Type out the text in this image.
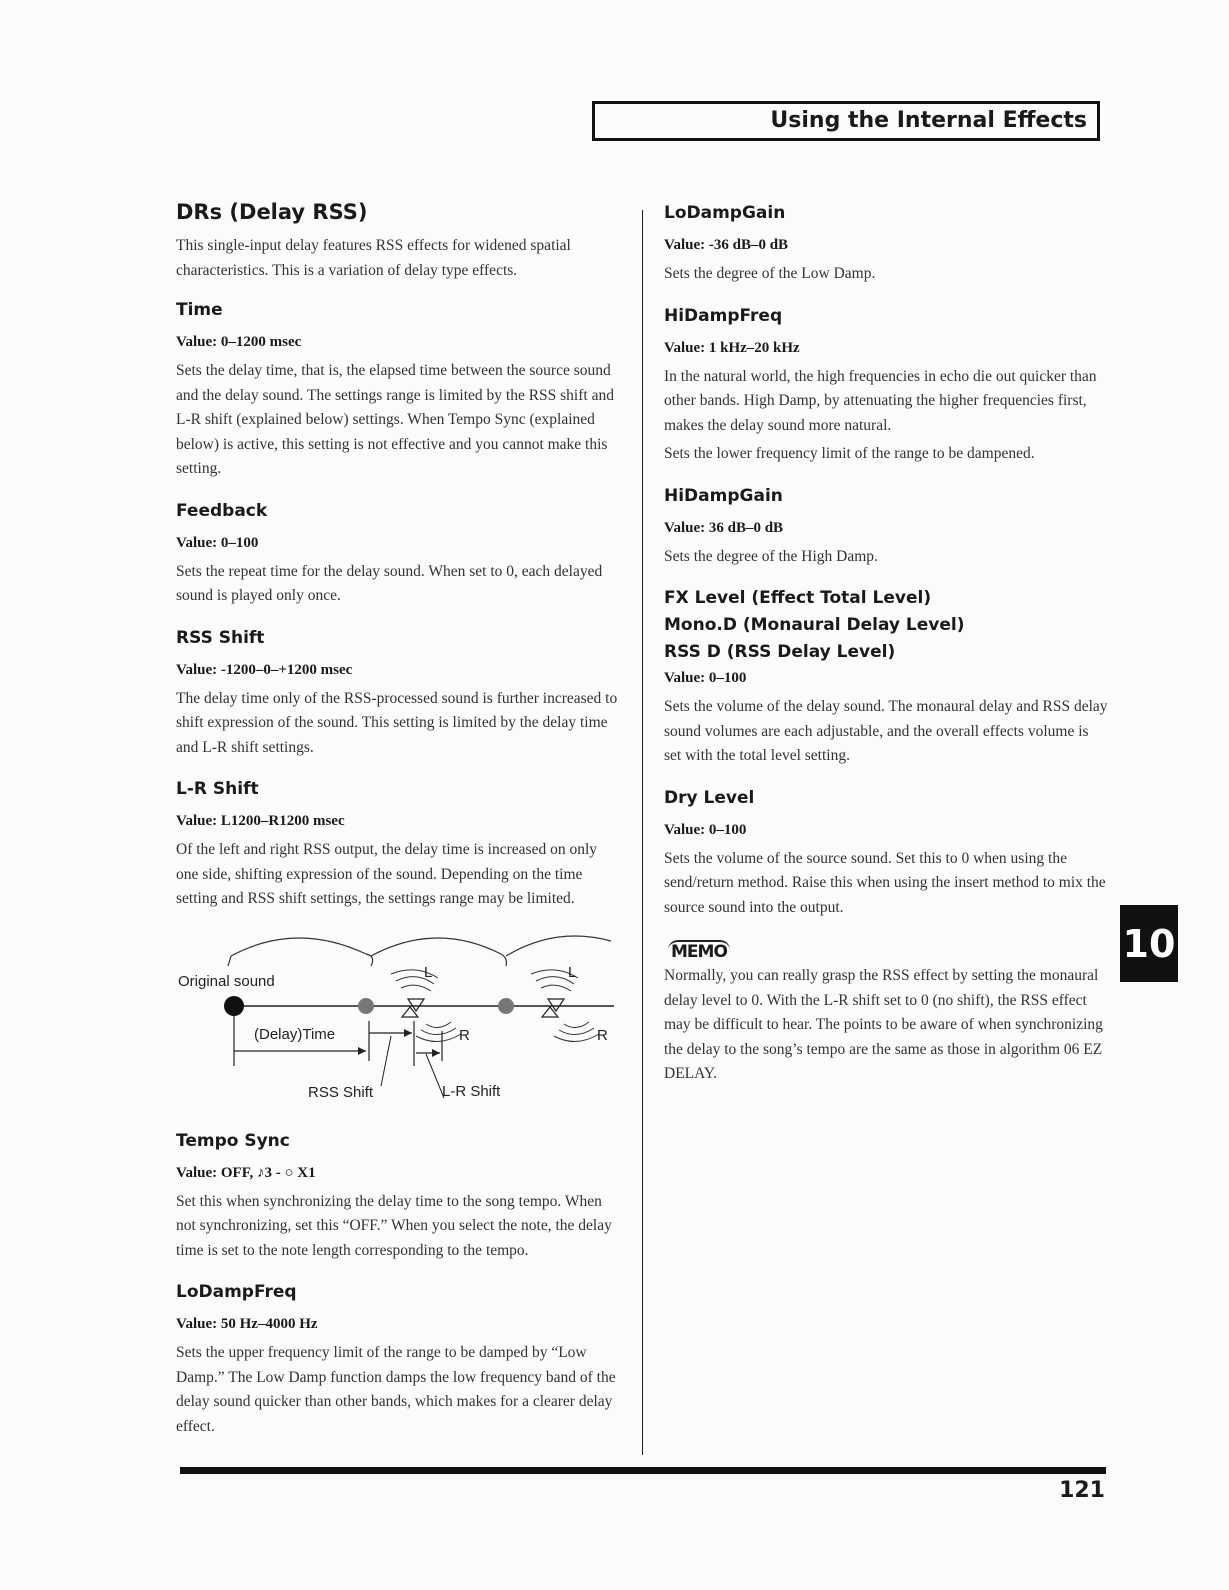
Using the Internal Effects
DRs (Delay RSS)

This single-input delay features RSS effects for widened spatial characteristics. This is a variation of delay type effects.

Time
Value: 0–1200 msec

Sets the delay time, that is, the elapsed time between the source sound and the delay sound. The settings range is limited by the RSS shift and L-R shift (explained below) settings. When Tempo Sync (explained below) is active, this setting is not effective and you cannot make this setting.

Feedback
Value: 0–100

Sets the repeat time for the delay sound. When set to 0, each delayed sound is played only once.

RSS Shift
Value: -1200–0–+1200 msec

The delay time only of the RSS-processed sound is further increased to shift expression of the sound. This setting is limited by the delay time and L-R shift settings.

L-R Shift
Value: L1200–R1200 msec

Of the left and right RSS output, the delay time is increased on only one side, shifting expression of the sound. Depending on the time setting and RSS shift settings, the settings range may be limited.

Original sound
(Delay)Time
L	L
R	R
RSS Shift	L-R Shift
Tempo Sync
Value: OFF, ♪3 - ○ X1

Set this when synchronizing the delay time to the song tempo. When not synchronizing, set this “OFF.” When you select the note, the delay time is set to the note length corresponding to the tempo.

LoDampFreq
Value: 50 Hz–4000 Hz

Sets the upper frequency limit of the range to be damped by “Low Damp.” The Low Damp function damps the low frequency band of the delay sound quicker than other bands, which makes for a clearer delay effect.

LoDampGain
Value: -36 dB–0 dB

Sets the degree of the Low Damp.

HiDampFreq
Value: 1 kHz–20 kHz

In the natural world, the high frequencies in echo die out quicker than other bands. High Damp, by attenuating the higher frequencies first, makes the delay sound more natural.

Sets the lower frequency limit of the range to be dampened.

HiDampGain
Value: 36 dB–0 dB

Sets the degree of the High Damp.

FX Level (Effect Total Level)
Mono.D (Monaural Delay Level)
RSS D (RSS Delay Level)
Value: 0–100

Sets the volume of the delay sound. The monaural delay and RSS delay sound volumes are each adjustable, and the overall effects volume is set with the total level setting.

Dry Level
Value: 0–100

Sets the volume of the source sound. Set this to 0 when using the send/return method. Raise this when using the insert method to mix the source sound into the output.

MEMO

Normally, you can really grasp the RSS effect by setting the monaural delay level to 0. With the L-R shift set to 0 (no shift), the RSS effect may be difficult to hear. The points to be aware of when synchronizing the delay to the song’s tempo are the same as those in algorithm 06 EZ DELAY.

10
121
